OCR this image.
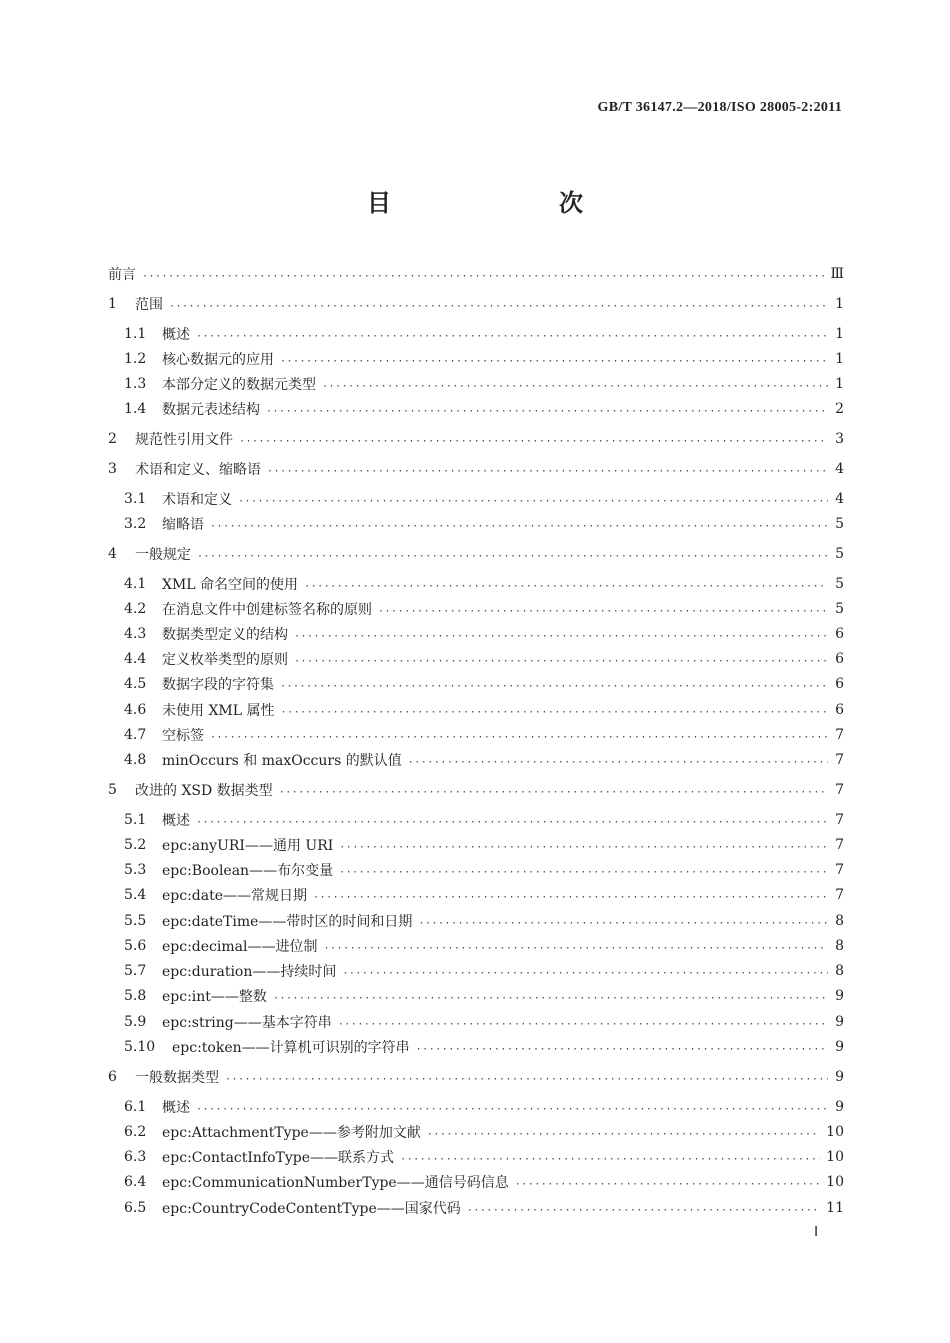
GB/T 36147.2—2018/ISO 28005-2:2011
目　　次
前言 ·····	Ⅲ
1	范围 ·····	1
1.1	概述 ·····	1
1.2	核心数据元的应用 ·····	1
1.3	本部分定义的数据元类型 ·····	1
1.4	数据元表述结构 ·····	2
2	规范性引用文件 ·····	3
3	术语和定义、缩略语 ·····	4
3.1	术语和定义 ·····	4
3.2	缩略语 ·····	5
4	一般规定 ·····	5
4.1	XML 命名空间的使用 ·····	5
4.2	在消息文件中创建标签名称的原则 ·····	5
4.3	数据类型定义的结构 ·····	6
4.4	定义枚举类型的原则 ·····	6
4.5	数据字段的字符集 ·····	6
4.6	未使用 XML 属性 ·····	6
4.7	空标签 ·····	7
4.8	minOccurs 和 maxOccurs 的默认值 ·····	7
5	改进的 XSD 数据类型 ·····	7
5.1	概述 ·····	7
5.2	epc:anyURI——通用 URI ·····	7
5.3	epc:Boolean——布尔变量 ·····	7
5.4	epc:date——常规日期 ·····	7
5.5	epc:dateTime——带时区的时间和日期 ·····	8
5.6	epc:decimal——进位制 ·····	8
5.7	epc:duration——持续时间 ·····	8
5.8	epc:int——整数 ·····	9
5.9	epc:string——基本字符串 ·····	9
5.10	epc:token——计算机可识别的字符串 ·····	9
6	一般数据类型 ·····	9
6.1	概述 ·····	9
6.2	epc:AttachmentType——参考附加文献 ·····	10
6.3	epc:ContactInfoType——联系方式 ·····	10
6.4	epc:CommunicationNumberType——通信号码信息 ·····	10
6.5	epc:CountryCodeContentType——国家代码 ·····	11
Ⅰ
